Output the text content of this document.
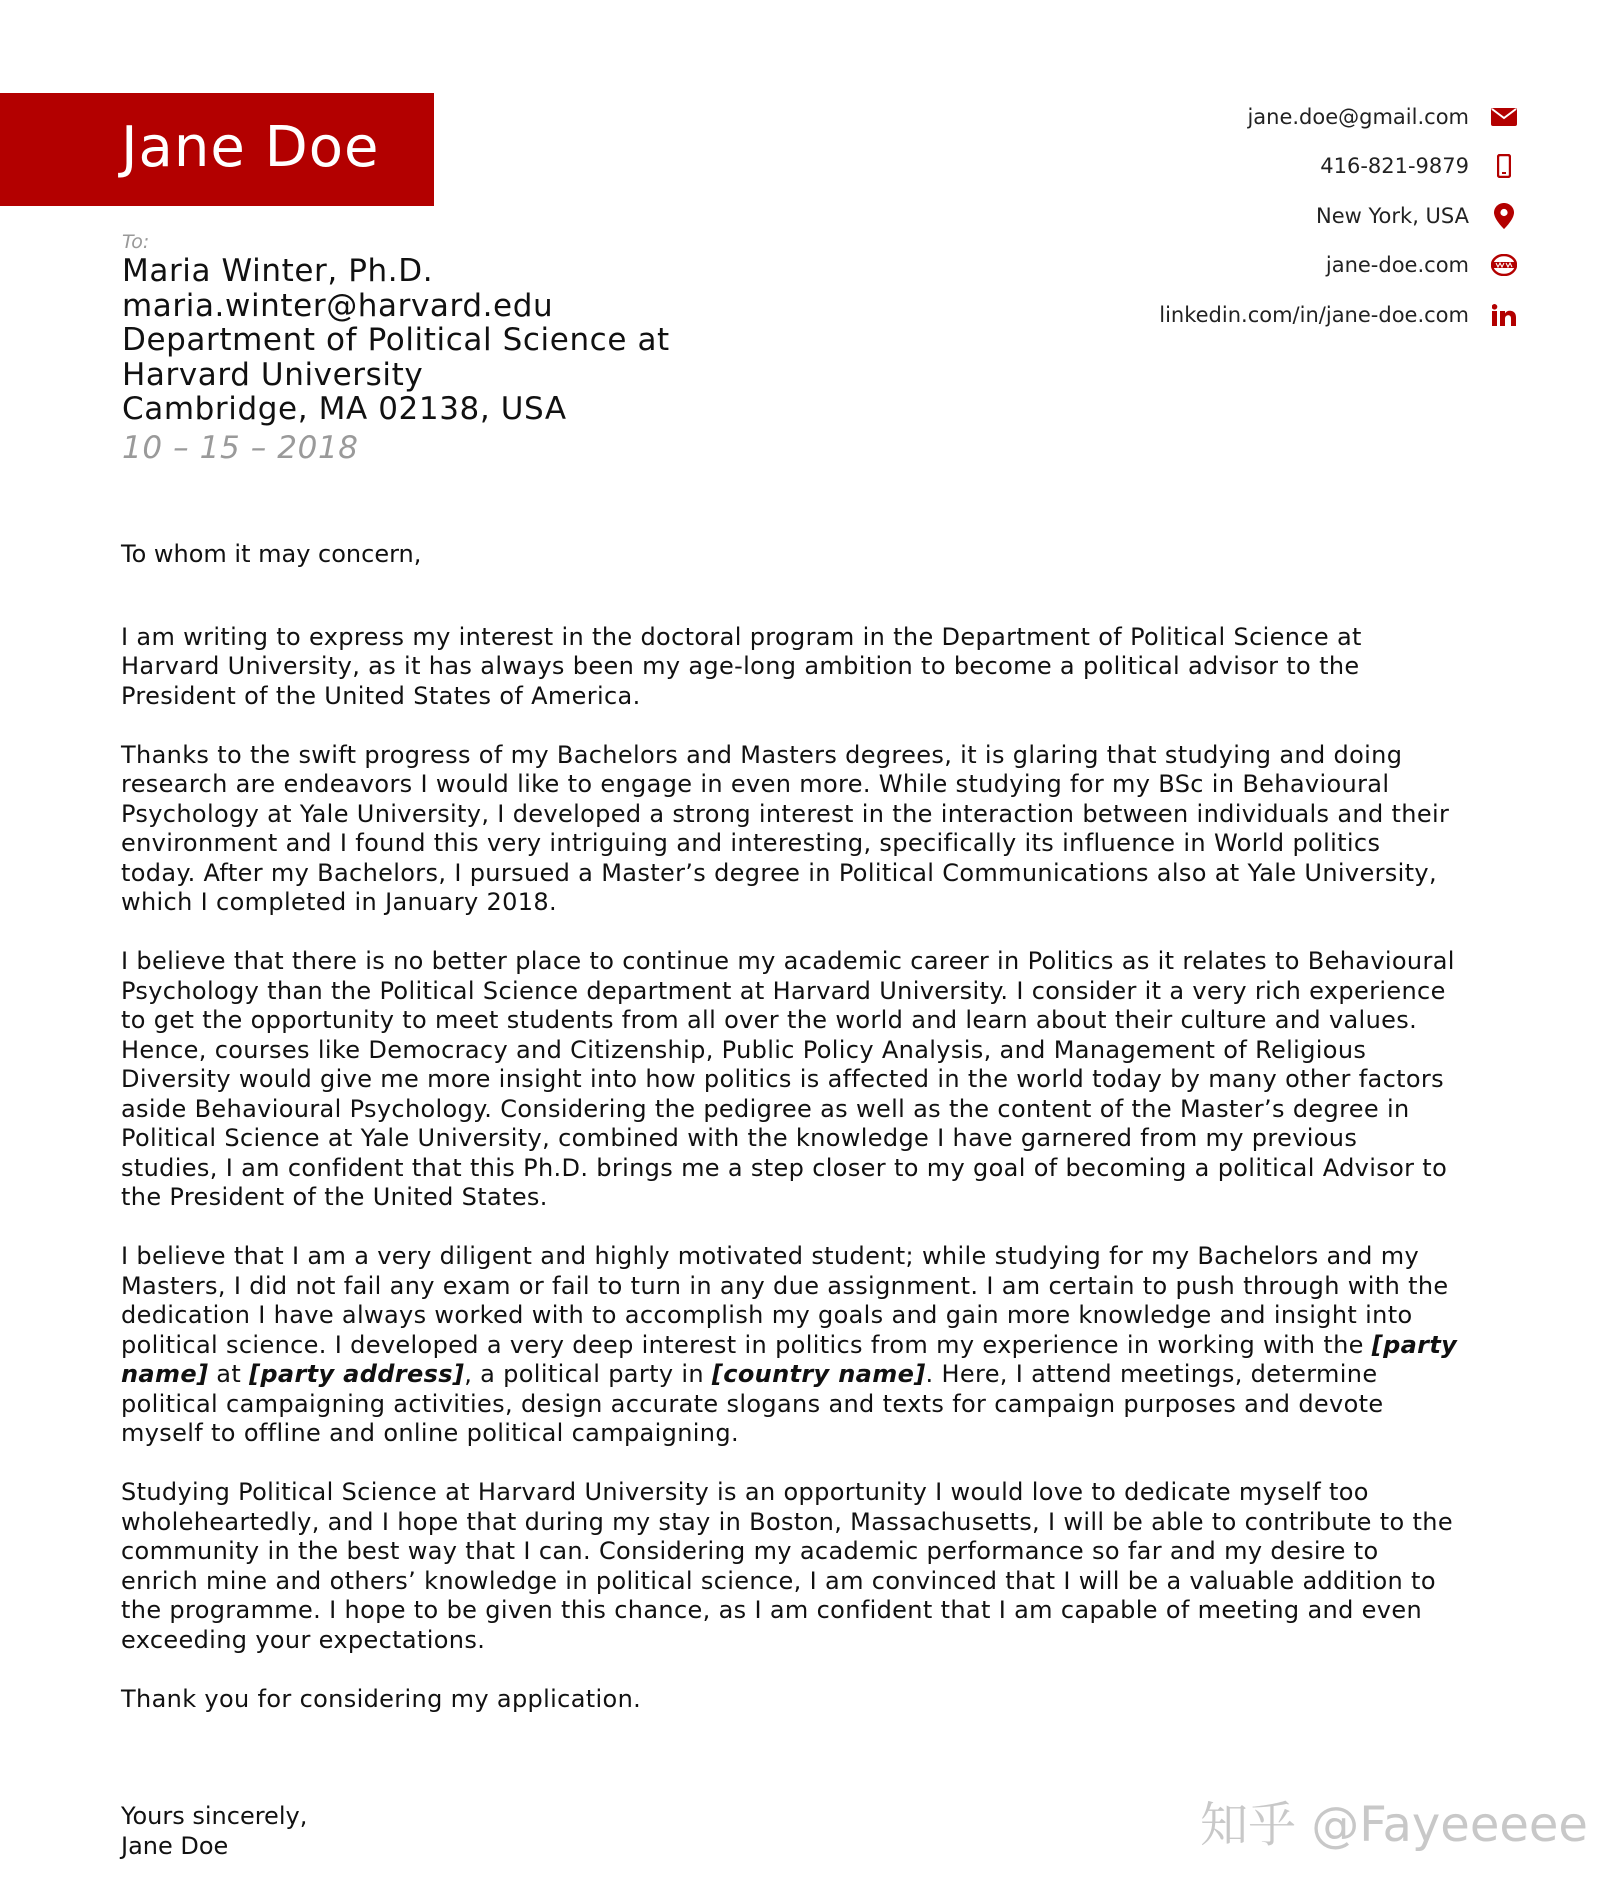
Jane Doe	jane.doe@gmail.com
416-821-9879
New York, USA
jane-doe.com
linkedin.com/in/jane-doe.com
To:
Maria Winter, Ph.D.
maria.winter@harvard.edu
Department of Political Science at
Harvard University
Cambridge, MA 02138, USA
10 – 15 – 2018
To whom it may concern,

I am writing to express my interest in the doctoral program in the Department of Political Science at Harvard University, as it has always been my age-long ambition to become a political advisor to the President of the United States of America.

Thanks to the swift progress of my Bachelors and Masters degrees, it is glaring that studying and doing research are endeavors I would like to engage in even more. While studying for my BSc in Behavioural Psychology at Yale University, I developed a strong interest in the interaction between individuals and their environment and I found this very intriguing and interesting, specifically its influence in World politics today. After my Bachelors, I pursued a Master’s degree in Political Communications also at Yale University, which I completed in January 2018.

I believe that there is no better place to continue my academic career in Politics as it relates to Behavioural Psychology than the Political Science department at Harvard University. I consider it a very rich experience to get the opportunity to meet students from all over the world and learn about their culture and values. Hence, courses like Democracy and Citizenship, Public Policy Analysis, and Management of Religious Diversity would give me more insight into how politics is affected in the world today by many other factors aside Behavioural Psychology. Considering the pedigree as well as the content of the Master’s degree in Political Science at Yale University, combined with the knowledge I have garnered from my previous studies, I am confident that this Ph.D. brings me a step closer to my goal of becoming a political Advisor to the President of the United States.

I believe that I am a very diligent and highly motivated student; while studying for my Bachelors and my Masters, I did not fail any exam or fail to turn in any due assignment. I am certain to push through with the dedication I have always worked with to accomplish my goals and gain more knowledge and insight into political science. I developed a very deep interest in politics from my experience in working with the [party name] at [party address], a political party in [country name]. Here, I attend meetings, determine political campaigning activities, design accurate slogans and texts for campaign purposes and devote myself to offline and online political campaigning.

Studying Political Science at Harvard University is an opportunity I would love to dedicate myself too wholeheartedly, and I hope that during my stay in Boston, Massachusetts, I will be able to contribute to the community in the best way that I can. Considering my academic performance so far and my desire to enrich mine and others’ knowledge in political science, I am convinced that I will be a valuable addition to the programme. I hope to be given this chance, as I am confident that I am capable of meeting and even exceeding your expectations.

Thank you for considering my application.

Yours sincerely,
Jane Doe	知乎 @Fayeeeee
